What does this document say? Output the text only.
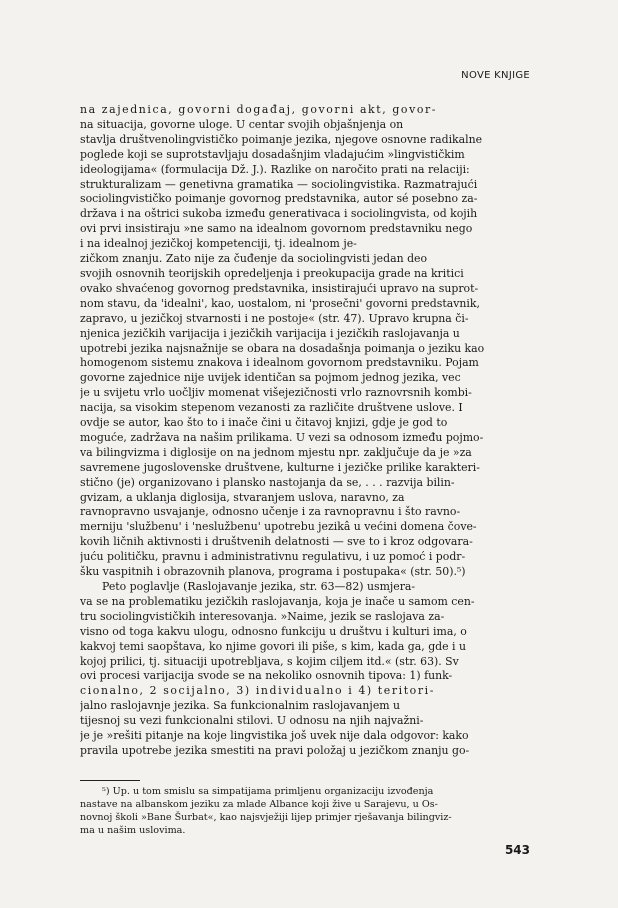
NOVE KNJIGE
na zajednica, govorni događaj, govorni akt, govor-
na situacija, govorne uloge. U centar svojih objašnjenja on
stavlja društvenolingvističko poimanje jezika, njegove osnovne radikalne
poglede koji se suprotstavljaju dosadašnjim vladajućim »lingvističkim
ideologijama« (formulacija Dž. J.). Razlike on naročito prati na relaciji:
strukturalizam — genetivna gramatika — sociolingvistika. Razmatrajući
sociolingvističko poimanje govornog predstavnika, autor sé posebno za-
država i na oštrici sukoba između generativaca i sociolingvista, od kojih
ovi prvi insistiraju »ne samo na idealnom govornom predstavniku nego
i na idealnoj jezičkoj kompetenciji, tj. idealnom je-
zičkom znanju. Zato nije za čuđenje da sociolingvisti jedan deo
svojih osnovnih teorijskih opredeljenja i preokupacija grade na kritici
ovako shvaćenog govornog predstavnika, insistirajući upravo na suprot-
nom stavu, da 'idealni', kao, uostalom, ni 'prosečni' govorni predstavnik,
zapravo, u jezičkoj stvarnosti i ne postoje« (str. 47). Upravo krupna či-
njenica jezičkih varijacija i jezičkih varijacija i jezičkih raslojavanja u
upotrebi jezika najsnažnije se obara na dosadašnja poimanja o jeziku kao
homogenom sistemu znakova i idealnom govornom predstavniku. Pojam
govorne zajednice nije uvijek identičan sa pojmom jednog jezika, vec
je u svijetu vrlo uočljiv momenat višejezičnosti vrlo raznovrsnih kombi-
nacija, sa visokim stepenom vezanosti za različite društvene uslove. I
ovdje se autor, kao što to i inače čini u čitavoj knjizi, gdje je god to
moguće, zadržava na našim prilikama. U vezi sa odnosom između pojmo-
va bilingvizma i diglosije on na jednom mjestu npr. zaključuje da je »za
savremene jugoslovenske društvene, kulturne i jezičke prilike karakteri-
stično (je) organizovano i plansko nastojanja da se, . . . razvija bilin-
gvizam, a uklanja diglosija, stvaranjem uslova, naravno, za
ravnopravno usvajanje, odnosno učenje i za ravnopravnu i što ravno-
merniju 'službenu' i 'neslužbenu' upotrebu jezikâ u većini domena čove-
kovih ličnih aktivnosti i društvenih delatnosti — sve to i kroz odgovara-
juću političku, pravnu i administrativnu regulativu, i uz pomoć i podr-
šku vaspitnih i obrazovnih planova, programa i postupaka« (str. 50).⁵)
Peto poglavlje (Raslojavanje jezika, str. 63—82) usmjera-
va se na problematiku jezičkih raslojavanja, koja je inače u samom cen-
tru sociolingvističkih interesovanja. »Naime, jezik se raslojava za-
visno od toga kakvu ulogu, odnosno funkciju u društvu i kulturi ima, o
kakvoj temi saopštava, ko njime govori ili piše, s kim, kada ga, gde i u
kojoj prilici, tj. situaciji upotrebljava, s kojim ciljem itd.« (str. 63). Sv
ovi procesi varijacija svode se na nekoliko osnovnih tipova: 1) funk-
cionalno, 2 socijalno, 3) individualno i 4) teritori-
jalno raslojavnje jezika. Sa funkcionalnim raslojavanjem u
tijesnoj su vezi funkcionalni stilovi. U odnosu na njih najvažni-
je je »rešiti pitanje na koje lingvistika još uvek nije dala odgovor: kako
pravila upotrebe jezika smestiti na pravi položaj u jezičkom znanju go-
⁵) Up. u tom smislu sa simpatijama primljenu organizaciju izvođenja
nastave na albanskom jeziku za mlade Albance koji žive u Sarajevu, u Os-
novnoj školi »Bane Šurbat«, kao najsvježiji lijep primjer rješavanja bilingviz-
ma u našim uslovima.
543
